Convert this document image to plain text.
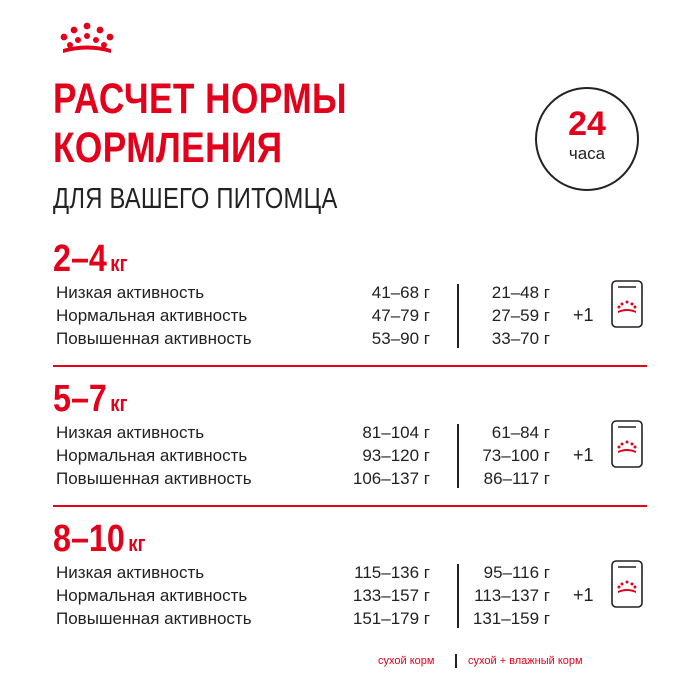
РАСЧЕТ НОРМЫ
КОРМЛЕНИЯ
ДЛЯ ВАШЕГО ПИТОМЦА
24
часа
2–4 кг
Низкая активность	41–68 г	21–48 г
Нормальная активность	47–79 г	27–59 г
Повышенная активность	53–90 г	33–70 г
+1
5–7 кг
Низкая активность	81–104 г	61–84 г
Нормальная активность	93–120 г	73–100 г
Повышенная активность	106–137 г	86–117 г
+1
8–10 кг
Низкая активность	115–136 г	95–116 г
Нормальная активность	133–157 г	113–137 г
Повышенная активность	151–179 г	131–159 г
+1
сухой корм	сухой + влажный корм
